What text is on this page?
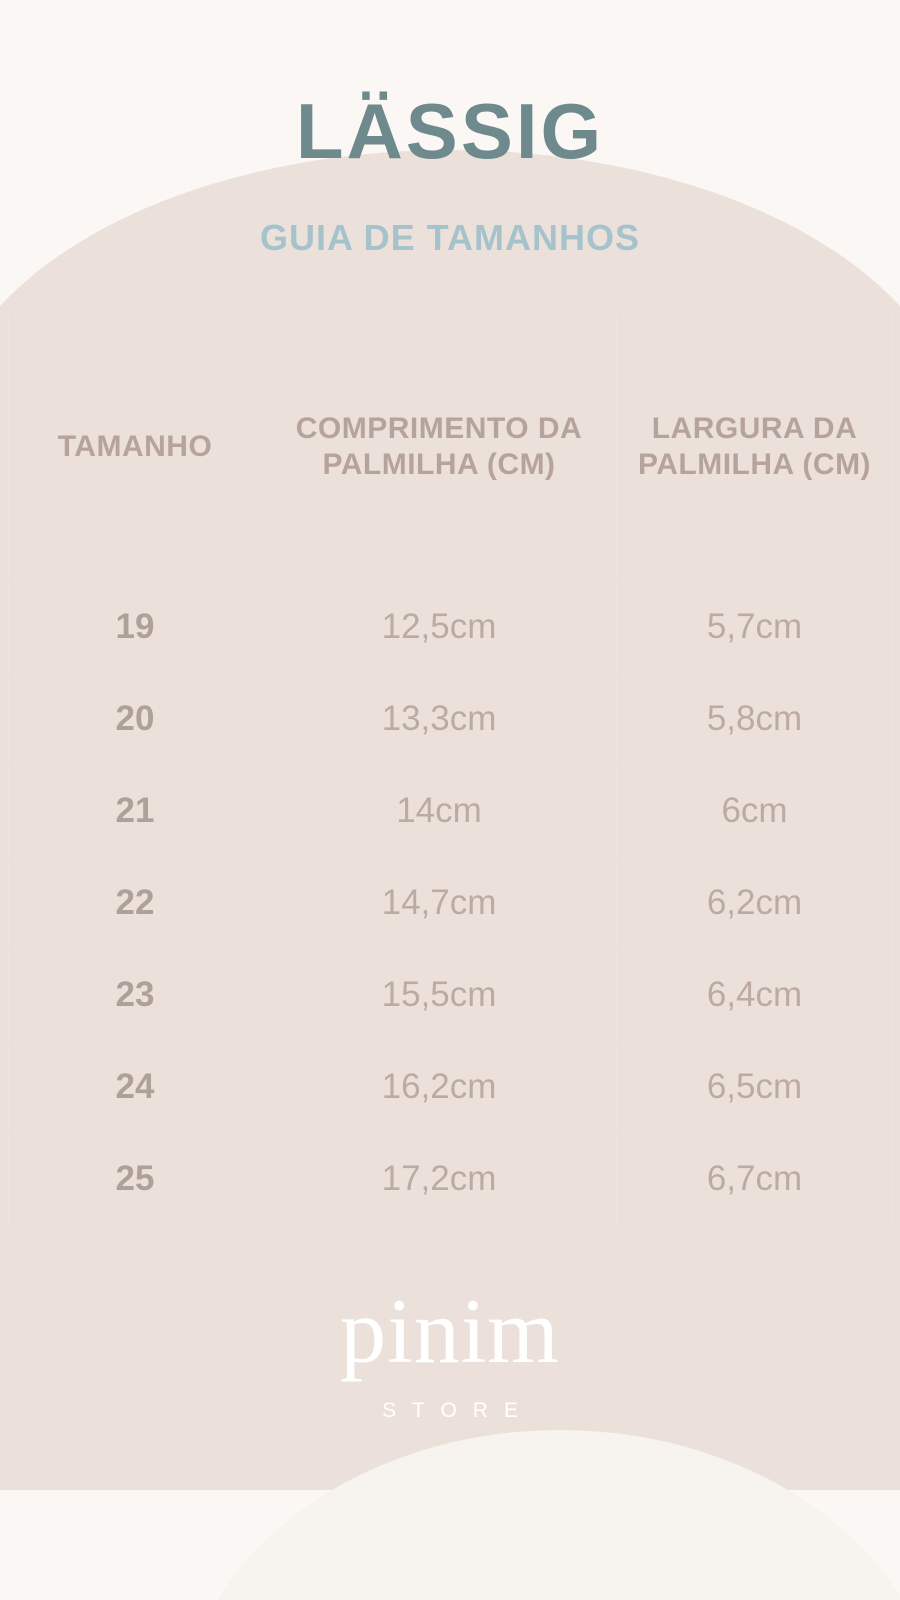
LÄSSIG
GUIA DE TAMANHOS
TAMANHO	COMPRIMENTO DA PALMILHA (CM)	LARGURA DA PALMILHA (CM)
19	12,5cm	5,7cm
20	13,3cm	5,8cm
21	14cm	6cm
22	14,7cm	6,2cm
23	15,5cm	6,4cm
24	16,2cm	6,5cm
25	17,2cm	6,7cm
pinim
STORE
